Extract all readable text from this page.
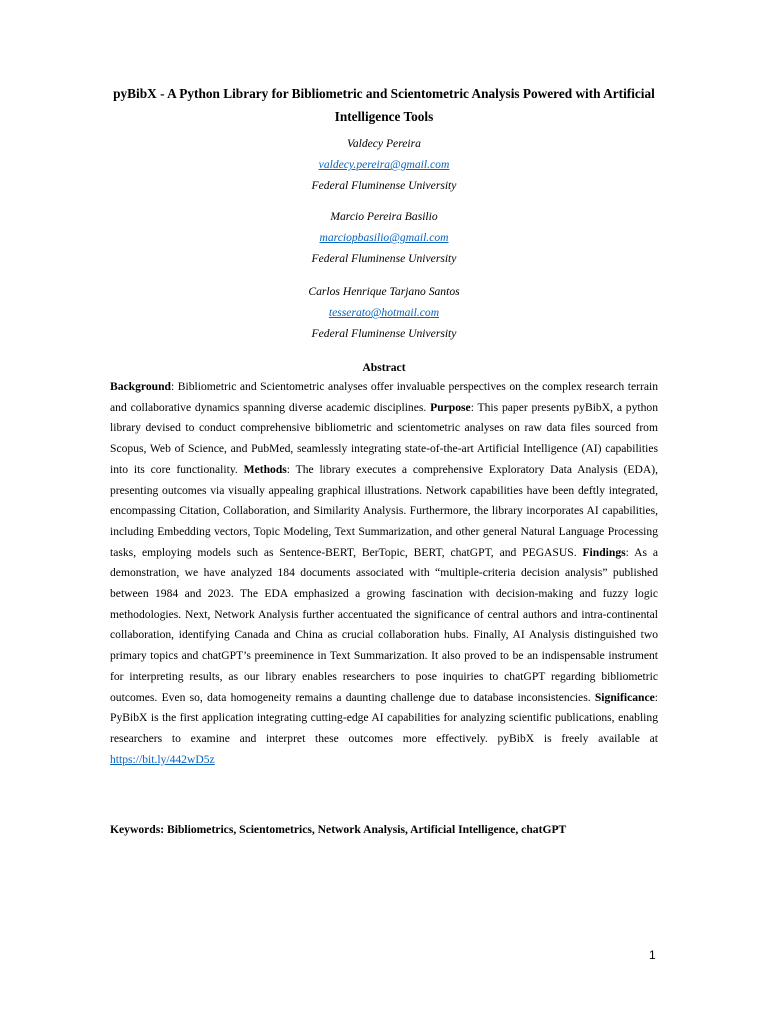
pyBibX - A Python Library for Bibliometric and Scientometric Analysis Powered with Artificial Intelligence Tools
Valdecy Pereira
valdecy.pereira@gmail.com
Federal Fluminense University
Marcio Pereira Basilio
marciopbasilio@gmail.com
Federal Fluminense University
Carlos Henrique Tarjano Santos
tesserato@hotmail.com
Federal Fluminense University
Abstract
Background: Bibliometric and Scientometric analyses offer invaluable perspectives on the complex research terrain and collaborative dynamics spanning diverse academic disciplines. Purpose: This paper presents pyBibX, a python library devised to conduct comprehensive bibliometric and scientometric analyses on raw data files sourced from Scopus, Web of Science, and PubMed, seamlessly integrating state-of-the-art Artificial Intelligence (AI) capabilities into its core functionality. Methods: The library executes a comprehensive Exploratory Data Analysis (EDA), presenting outcomes via visually appealing graphical illustrations. Network capabilities have been deftly integrated, encompassing Citation, Collaboration, and Similarity Analysis. Furthermore, the library incorporates AI capabilities, including Embedding vectors, Topic Modeling, Text Summarization, and other general Natural Language Processing tasks, employing models such as Sentence-BERT, BerTopic, BERT, chatGPT, and PEGASUS. Findings: As a demonstration, we have analyzed 184 documents associated with “multiple-criteria decision analysis” published between 1984 and 2023. The EDA emphasized a growing fascination with decision-making and fuzzy logic methodologies. Next, Network Analysis further accentuated the significance of central authors and intra-continental collaboration, identifying Canada and China as crucial collaboration hubs. Finally, AI Analysis distinguished two primary topics and chatGPT’s preeminence in Text Summarization. It also proved to be an indispensable instrument for interpreting results, as our library enables researchers to pose inquiries to chatGPT regarding bibliometric outcomes. Even so, data homogeneity remains a daunting challenge due to database inconsistencies. Significance: PyBibX is the first application integrating cutting-edge AI capabilities for analyzing scientific publications, enabling researchers to examine and interpret these outcomes more effectively. pyBibX is freely available at https://bit.ly/442wD5z
Keywords: Bibliometrics, Scientometrics, Network Analysis, Artificial Intelligence, chatGPT
1
